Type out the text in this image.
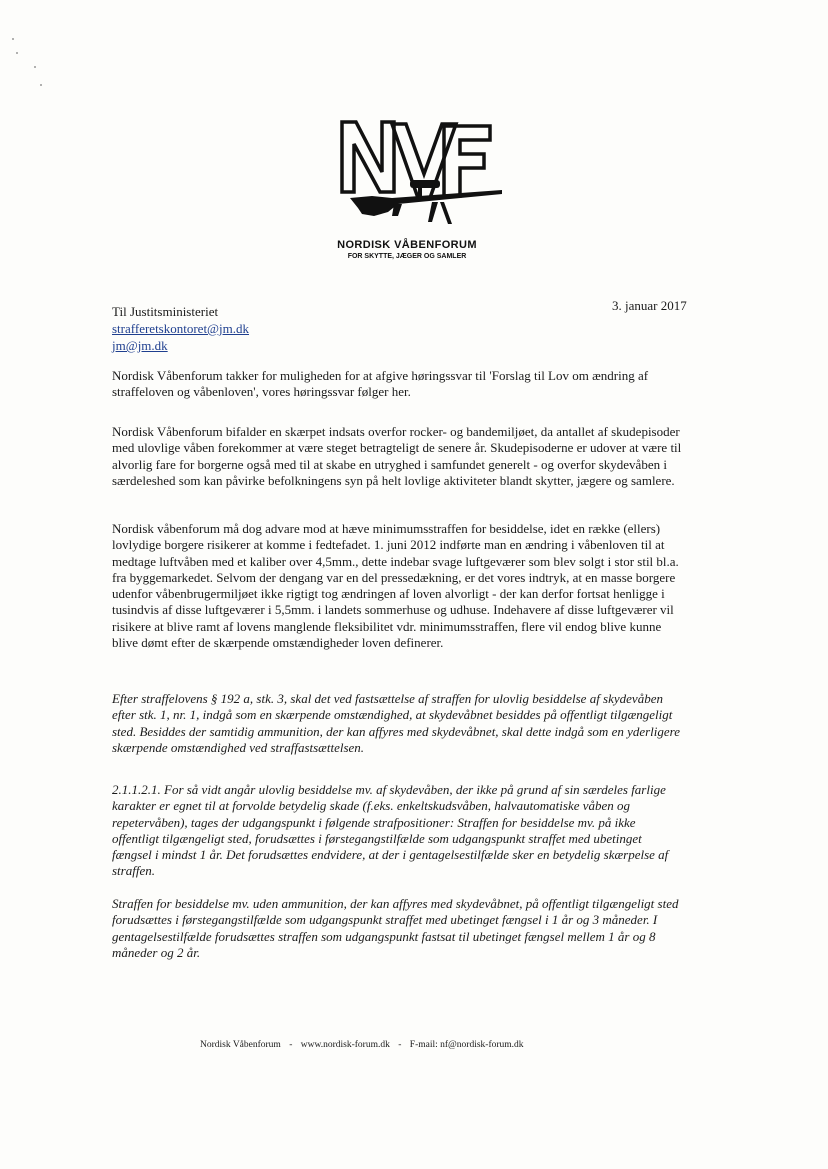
NORDISK VÅBENFORUM
FOR SKYTTE, JÆGER OG SAMLER
Til Justitsministeriet
strafferetskontoret@jm.dk
jm@jm.dk
3. januar 2017

Nordisk Våbenforum takker for muligheden for at afgive høringssvar til 'Forslag til Lov om ændring af straffeloven og våbenloven', vores høringssvar følger her.

Nordisk Våbenforum bifalder en skærpet indsats overfor rocker- og bandemiljøet, da antallet af skudepisoder med ulovlige våben forekommer at være steget betragteligt de senere år. Skudepisoderne er udover at være til alvorlig fare for borgerne også med til at skabe en utryghed i samfundet generelt - og overfor skydevåben i særdeleshed som kan påvirke befolkningens syn på helt lovlige aktiviteter blandt skytter, jægere og samlere.

Nordisk våbenforum må dog advare mod at hæve minimumsstraffen for besiddelse, idet en række (ellers) lovlydige borgere risikerer at komme i fedtefadet. 1. juni 2012 indførte man en ændring i våbenloven til at medtage luftvåben med et kaliber over 4,5mm., dette indebar svage luftgeværer som blev solgt i stor stil bl.a. fra byggemarkedet. Selvom der dengang var en del pressedækning, er det vores indtryk, at en masse borgere udenfor våbenbrugermiljøet ikke rigtigt tog ændringen af loven alvorligt - der kan derfor fortsat henligge i tusindvis af disse luftgeværer i 5,5mm. i landets sommerhuse og udhuse. Indehavere af disse luftgeværer vil risikere at blive ramt af lovens manglende fleksibilitet vdr. minimumsstraffen, flere vil endog blive kunne blive dømt efter de skærpende omstændigheder loven definerer.

Efter straffelovens § 192 a, stk. 3, skal det ved fastsættelse af straffen for ulovlig besiddelse af skydevåben efter stk. 1, nr. 1, indgå som en skærpende omstændighed, at skydevåbnet besiddes på offentligt tilgængeligt sted. Besiddes der samtidig ammunition, der kan affyres med skydevåbnet, skal dette indgå som en yderligere skærpende omstændighed ved straffastsættelsen.

2.1.1.2.1. For så vidt angår ulovlig besiddelse mv. af skydevåben, der ikke på grund af sin særdeles farlige karakter er egnet til at forvolde betydelig skade (f.eks. enkeltskudsvåben, halvautomatiske våben og repetervåben), tages der udgangspunkt i følgende strafpositioner: Straffen for besiddelse mv. på ikke offentligt tilgængeligt sted, forudsættes i førstegangstilfælde som udgangspunkt straffet med ubetinget fængsel i mindst 1 år. Det forudsættes endvidere, at der i gentagelsestilfælde sker en betydelig skærpelse af straffen.

Straffen for besiddelse mv. uden ammunition, der kan affyres med skydevåbnet, på offentligt tilgængeligt sted forudsættes i førstegangstilfælde som udgangspunkt straffet med ubetinget fængsel i 1 år og 3 måneder. I gentagelsestilfælde forudsættes straffen som udgangspunkt fastsat til ubetinget fængsel mellem 1 år og 8 måneder og 2 år.

Nordisk Våbenforum - www.nordisk-forum.dk - F-mail: nf@nordisk-forum.dk
